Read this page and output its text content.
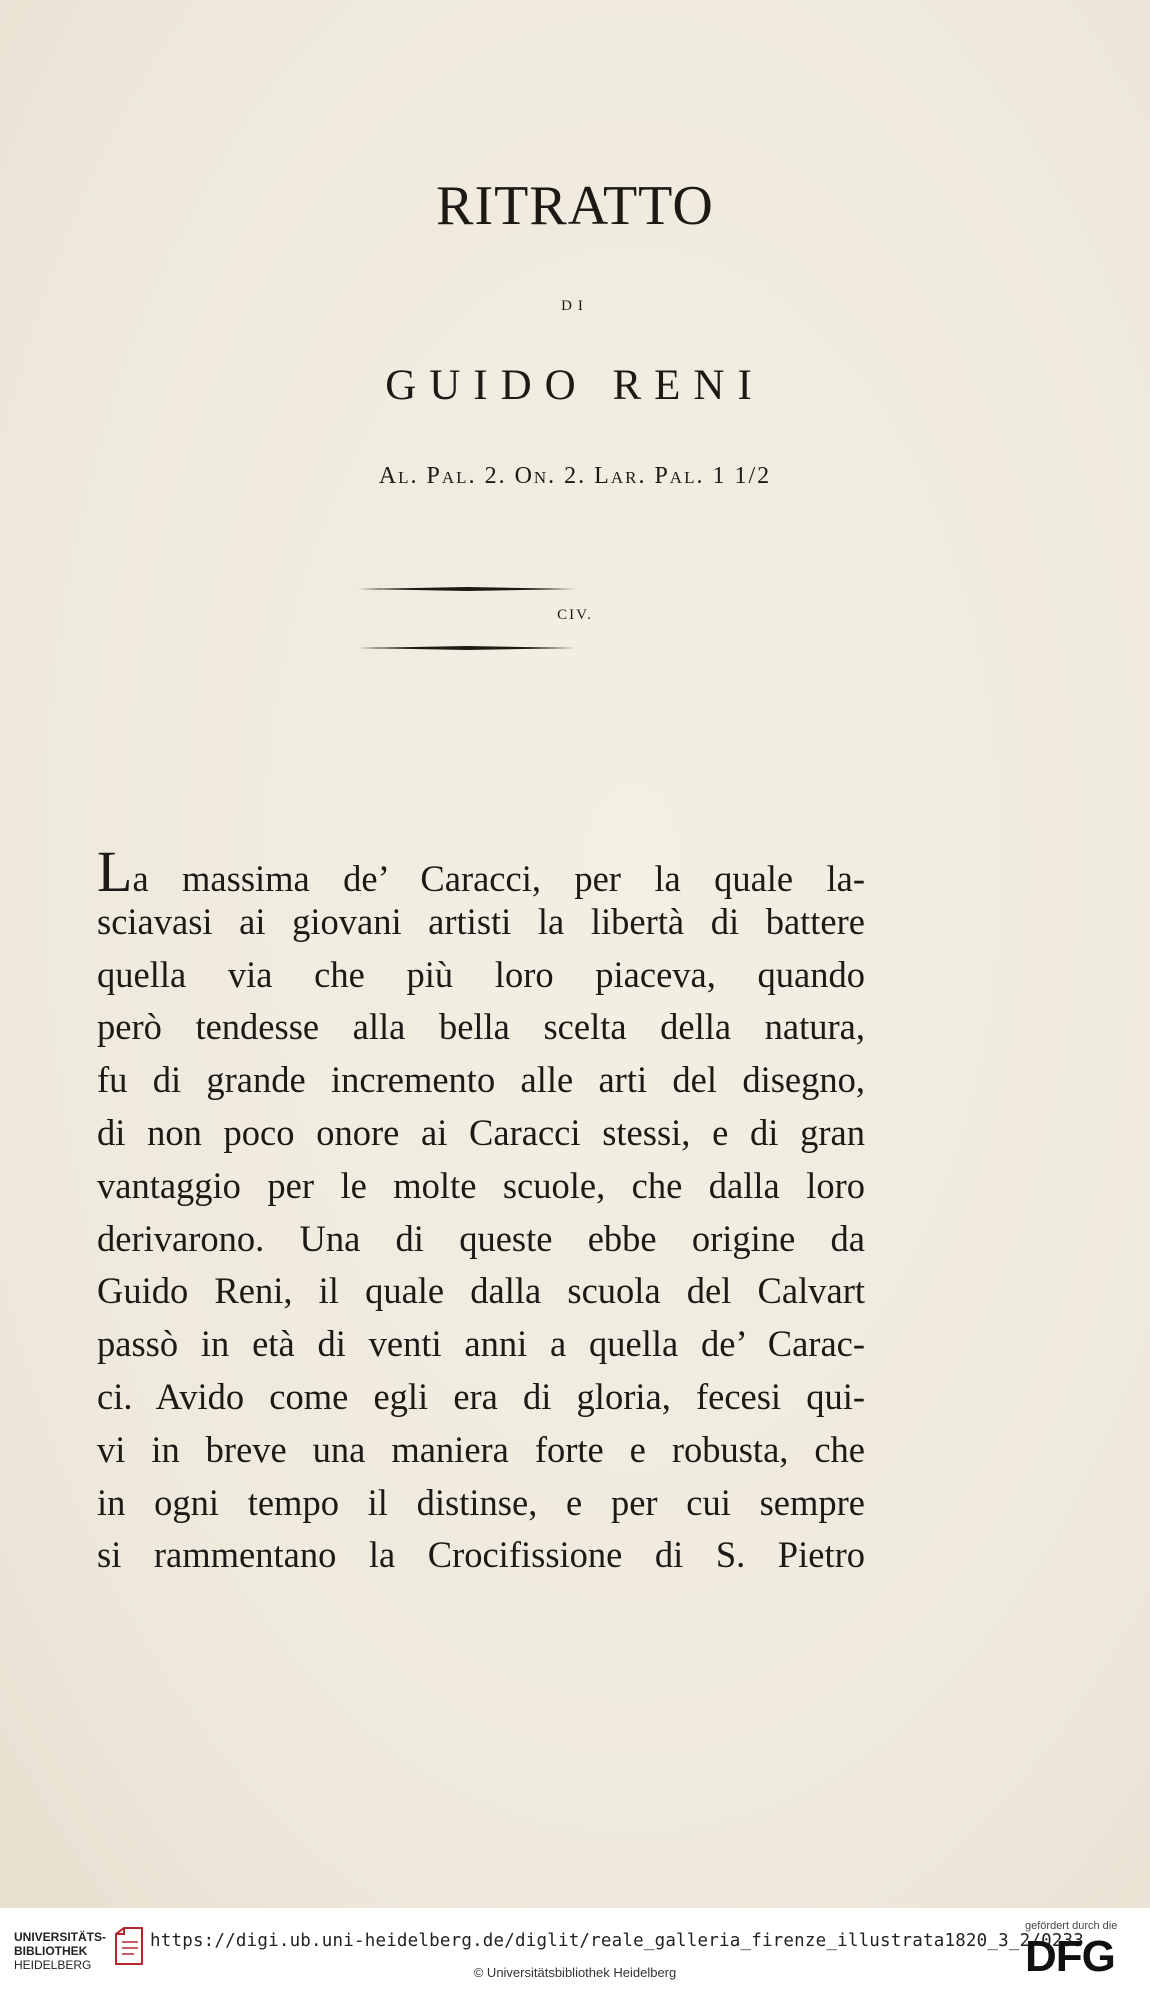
RITRATTO
DI
GUIDO RENI
Al. Pal. 2. On. 2. Lar. Pal. 1 1/2
CIV.
La massima de’ Caracci, per la quale la-
sciavasi ai giovani artisti la libertà di battere
quella via che più loro piaceva, quando
però tendesse alla bella scelta della natura,
fu di grande incremento alle arti del disegno,
di non poco onore ai Caracci stessi, e di gran
vantaggio per le molte scuole, che dalla loro
derivarono. Una di queste ebbe origine da
Guido Reni, il quale dalla scuola del Calvart
passò in età di venti anni a quella de’ Carac-
ci. Avido come egli era di gloria, fecesi qui-
vi in breve una maniera forte e robusta, che
in ogni tempo il distinse, e per cui sempre
si rammentano la Crocifissione di S. Pietro
UNIVERSITÄTS-
BIBLIOTHEK
HEIDELBERG
https://digi.ub.uni-heidelberg.de/diglit/reale_galleria_firenze_illustrata1820_3_2/0233
© Universitätsbibliothek Heidelberg
gefördert durch die
DFG
